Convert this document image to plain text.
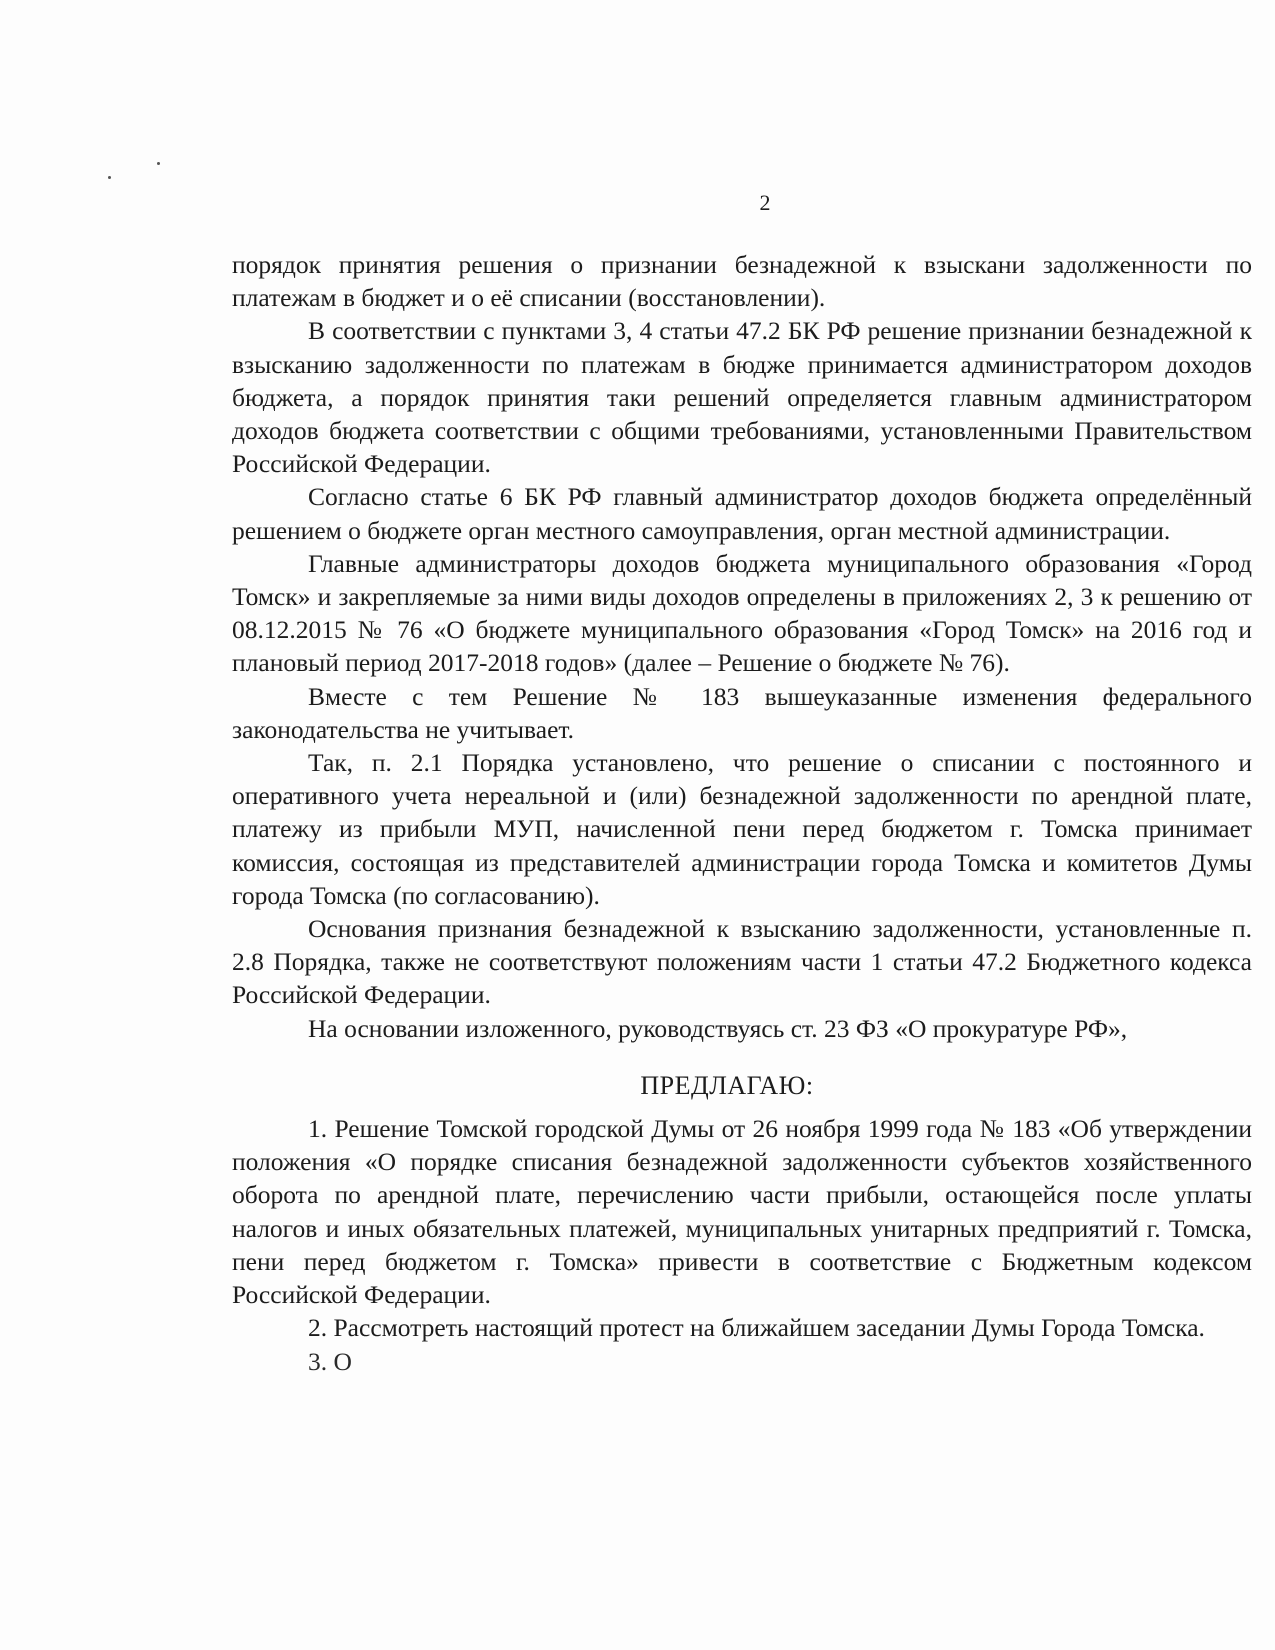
2

порядок принятия решения о признании безнадежной к взыскани задолженности по платежам в бюджет и о её списании (восстановлении).

В соответствии с пунктами 3, 4 статьи 47.2 БК РФ решение признании безнадежной к взысканию задолженности по платежам в бюдже принимается администратором доходов бюджета, а порядок принятия таки решений определяется главным администратором доходов бюджета соответствии с общими требованиями, установленными Правительством Российской Федерации.

Согласно статье 6 БК РФ главный администратор доходов бюджета определённый решением о бюджете орган местного самоуправления, орган местной администрации.

Главные администраторы доходов бюджета муниципального образования «Город Томск» и закрепляемые за ними виды доходов определены в приложениях 2, 3 к решению от 08.12.2015 № 76 «О бюджете муниципального образования «Город Томск» на 2016 год и плановый период 2017-2018 годов» (далее – Решение о бюджете № 76).

Вместе с тем Решение № 183 вышеуказанные изменения федерального законодательства не учитывает.

Так, п. 2.1 Порядка установлено, что решение о списании с постоянного и оперативного учета нереальной и (или) безнадежной задолженности по арендной плате, платежу из прибыли МУП, начисленной пени перед бюджетом г. Томска принимает комиссия, состоящая из представителей администрации города Томска и комитетов Думы города Томска (по согласованию).

Основания признания безнадежной к взысканию задолженности, установленные п. 2.8 Порядка, также не соответствуют положениям части 1 статьи 47.2 Бюджетного кодекса Российской Федерации.

На основании изложенного, руководствуясь ст. 23 ФЗ «О прокуратуре РФ»,

ПРЕДЛАГАЮ:

1. Решение Томской городской Думы от 26 ноября 1999 года № 183 «Об утверждении положения «О порядке списания безнадежной задолженности субъектов хозяйственного оборота по арендной плате, перечислению части прибыли, остающейся после уплаты налогов и иных обязательных платежей, муниципальных унитарных предприятий г. Томска, пени перед бюджетом г. Томска» привести в соответствие с Бюджетным кодексом Российской Федерации.

2. Рассмотреть настоящий протест на ближайшем заседании Думы Города Томска.

3. О
